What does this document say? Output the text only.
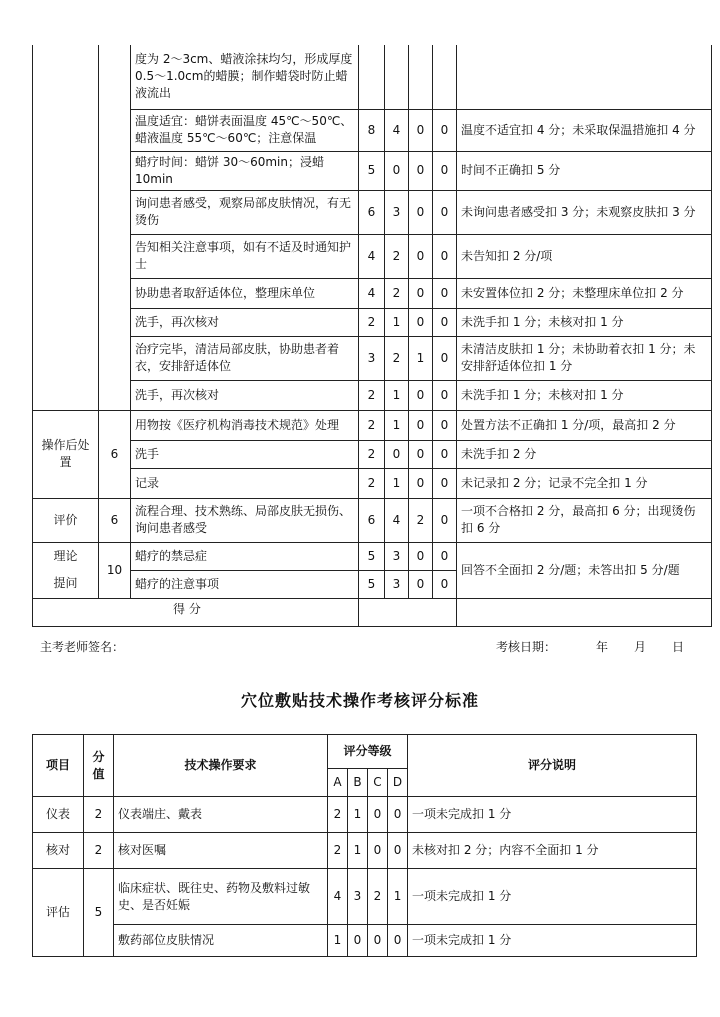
		度为 2～3cm、蜡液涂抹均匀，形成厚度0.5～1.0cm的蜡膜；制作蜡袋时防止蜡液流出					
		温度适宜：蜡饼表面温度 45℃～50℃、蜡液温度 55℃～60℃；注意保温	8	4	0	0	温度不适宜扣 4 分；未采取保温措施扣 4 分
		蜡疗时间：蜡饼 30～60min；浸蜡 10min	5	0	0	0	时间不正确扣 5 分
		询问患者感受，观察局部皮肤情况，有无烫伤	6	3	0	0	未询问患者感受扣 3 分；未观察皮肤扣 3 分
		告知相关注意事项，如有不适及时通知护士	4	2	0	0	未告知扣 2 分/项
		协助患者取舒适体位，整理床单位	4	2	0	0	未安置体位扣 2 分；未整理床单位扣 2 分
		洗手，再次核对	2	1	0	0	未洗手扣 1 分；未核对扣 1 分
		治疗完毕，清洁局部皮肤，协助患者着衣，安排舒适体位	3	2	1	0	未清洁皮肤扣 1 分；未协助着衣扣 1 分；未安排舒适体位扣 1 分
		洗手，再次核对	2	1	0	0	未洗手扣 1 分；未核对扣 1 分
操作后处置	6	用物按《医疗机构消毒技术规范》处理	2	1	0	0	处置方法不正确扣 1 分/项，最高扣 2 分
		洗手	2	0	0	0	未洗手扣 2 分
		记录	2	1	0	0	未记录扣 2 分；记录不完全扣 1 分
评价	6	流程合理、技术熟练、局部皮肤无损伤、询问患者感受	6	4	2	0	一项不合格扣 2 分，最高扣 6 分；出现烫伤扣 6 分

理论
提问	10	蜡疗的禁忌症	5	3	0	0	回答不全面扣 2 分/题；未答出扣 5 分/题
		蜡疗的注意事项	5	3	0	0	
得 分							
主考老师签名：	考核日期：	年 月 日
穴位敷贴技术操作考核评分标准
项目	分值	技术操作要求	评分等级				评分说明
			A	B	C	D	
仪表	2	仪表端庄、戴表	2	1	0	0	一项未完成扣 1 分
核对	2	核对医嘱	2	1	0	0	未核对扣 2 分；内容不全面扣 1 分
评估	5	临床症状、既往史、药物及敷料过敏史、是否妊娠	4	3	2	1	一项未完成扣 1 分
		敷药部位皮肤情况	1	0	0	0	一项未完成扣 1 分
